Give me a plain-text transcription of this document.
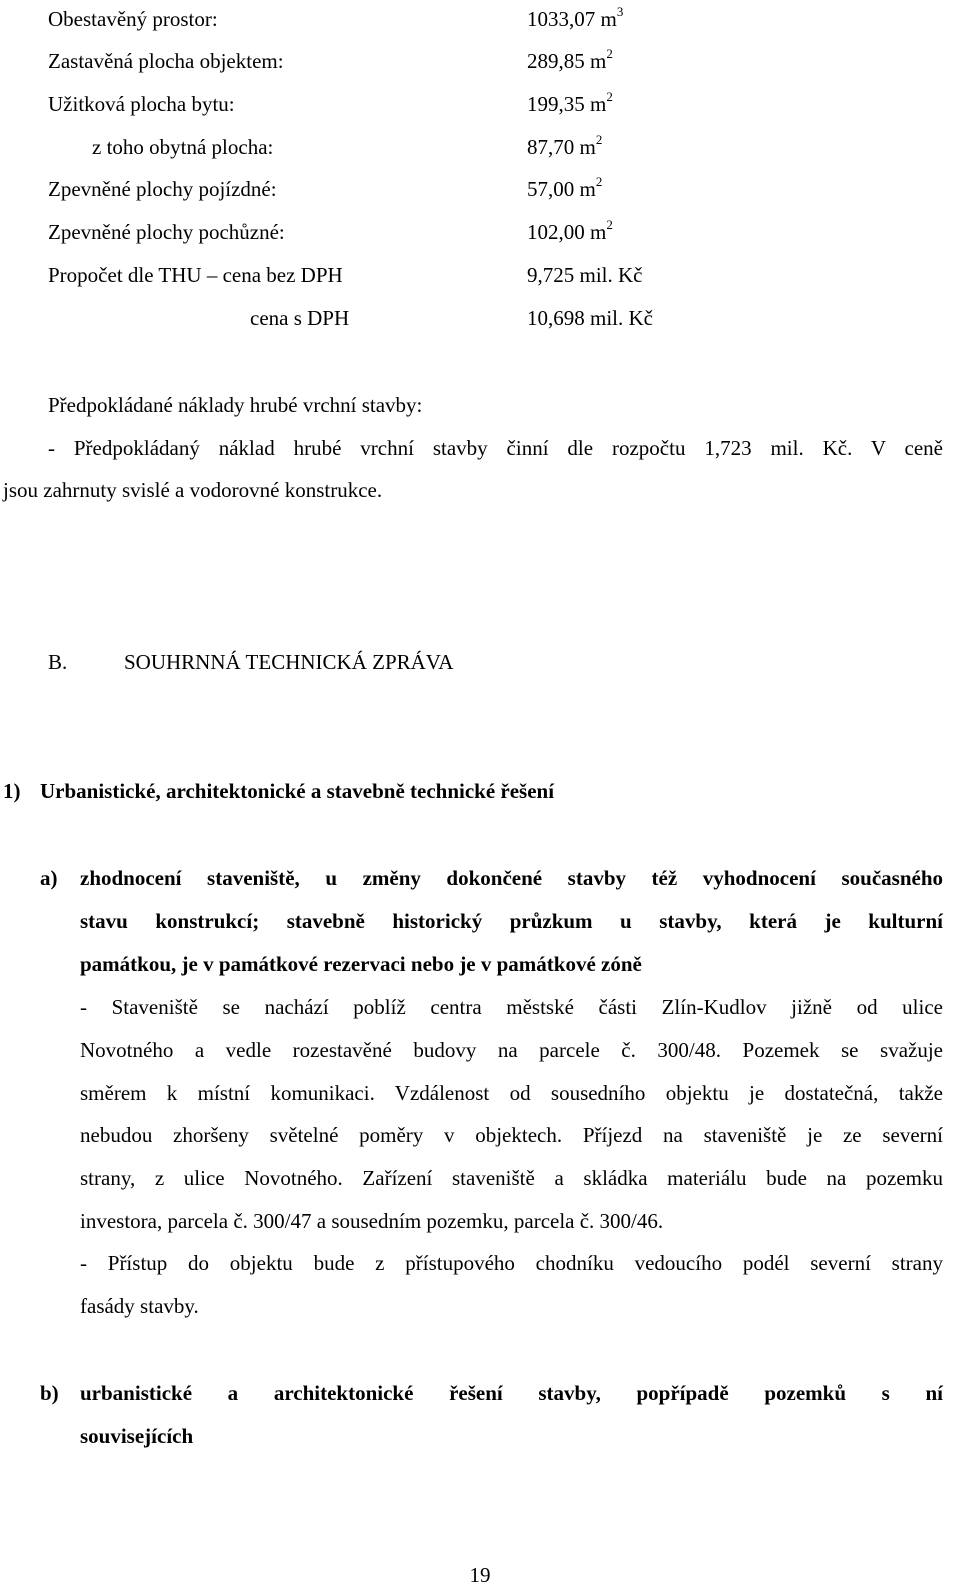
Obestavěný prostor:	1033,07 $m^3$
Zastavěná plocha objektem:	289,85 $m^2$
Užitková plocha bytu:	199,35 $m^2$
z toho obytná plocha:	87,70 $m^2$
Zpevněné plochy pojízdné:	57,00 $m^2$
Zpevněné plochy pochůzné:	102,00 $m^2$
Propočet dle THU – cena bez DPH	9,725 mil. Kč
cena s DPH	10,698 mil. Kč
Předpokládané náklady hrubé vrchní stavby:
- Předpokládaný náklad hrubé vrchní stavby činní dle rozpočtu 1,723 mil. Kč. V ceně
jsou zahrnuty svislé a vodorovné konstrukce.
B.	SOUHRNNÁ TECHNICKÁ ZPRÁVA
1) Urbanistické, architektonické a stavebně technické řešení
a) zhodnocení staveniště, u změny dokončené stavby též vyhodnocení současného
stavu konstrukcí; stavebně historický průzkum u stavby, která je kulturní
památkou, je v památkové rezervaci nebo je v památkové zóně
- Staveniště se nachází poblíž centra městské části Zlín-Kudlov jižně od ulice
Novotného a vedle rozestavěné budovy na parcele č. 300/48. Pozemek se svažuje
směrem k místní komunikaci. Vzdálenost od sousedního objektu je dostatečná, takže
nebudou zhoršeny světelné poměry v objektech. Příjezd na staveniště je ze severní
strany, z ulice Novotného. Zařízení staveniště a skládka materiálu bude na pozemku
investora, parcela č. 300/47 a sousedním pozemku, parcela č. 300/46.
- Přístup do objektu bude z přístupového chodníku vedoucího podél severní strany
fasády stavby.
b) urbanistické a architektonické řešení stavby, popřípadě pozemků s ní
souvisejících
19
